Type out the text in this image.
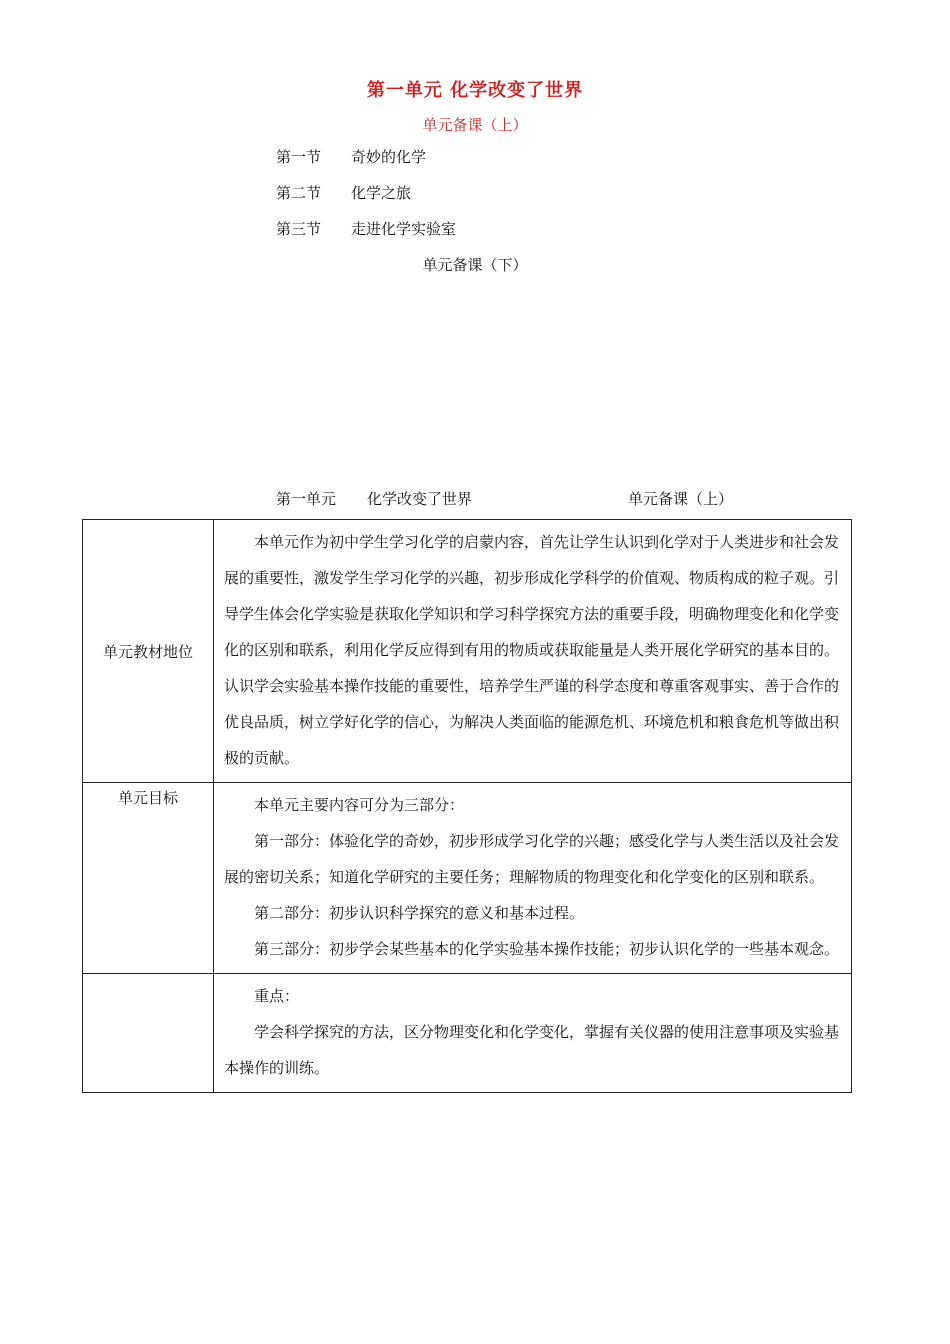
第一单元 化学改变了世界
单元备课（上）
第一节 奇妙的化学
第二节 化学之旅
第三节 走进化学实验室
单元备课（下）
第一单元 化学改变了世界	单元备课（上）
单元教材地位	本单元作为初中学生学习化学的启蒙内容，首先让学生认识到化学对于人类进步和社会发展的重要性，激发学生学习化学的兴趣，初步形成化学科学的价值观、物质构成的粒子观。引导学生体会化学实验是获取化学知识和学习科学探究方法的重要手段，明确物理变化和化学变化的区别和联系，利用化学反应得到有用的物质或获取能量是人类开展化学研究的基本目的。认识学会实验基本操作技能的重要性，培养学生严谨的科学态度和尊重客观事实、善于合作的优良品质，树立学好化学的信心，为解决人类面临的能源危机、环境危机和粮食危机等做出积极的贡献。

单元目标	本单元主要内容可分为三部分：

第一部分：体验化学的奇妙，初步形成学习化学的兴趣；感受化学与人类生活以及社会发展的密切关系；知道化学研究的主要任务；理解物质的物理变化和化学变化的区别和联系。

第二部分：初步认识科学探究的意义和基本过程。

第三部分：初步学会某些基本的化学实验基本操作技能；初步认识化学的一些基本观念。

	重点：

学会科学探究的方法，区分物理变化和化学变化，掌握有关仪器的使用注意事项及实验基本操作的训练。
